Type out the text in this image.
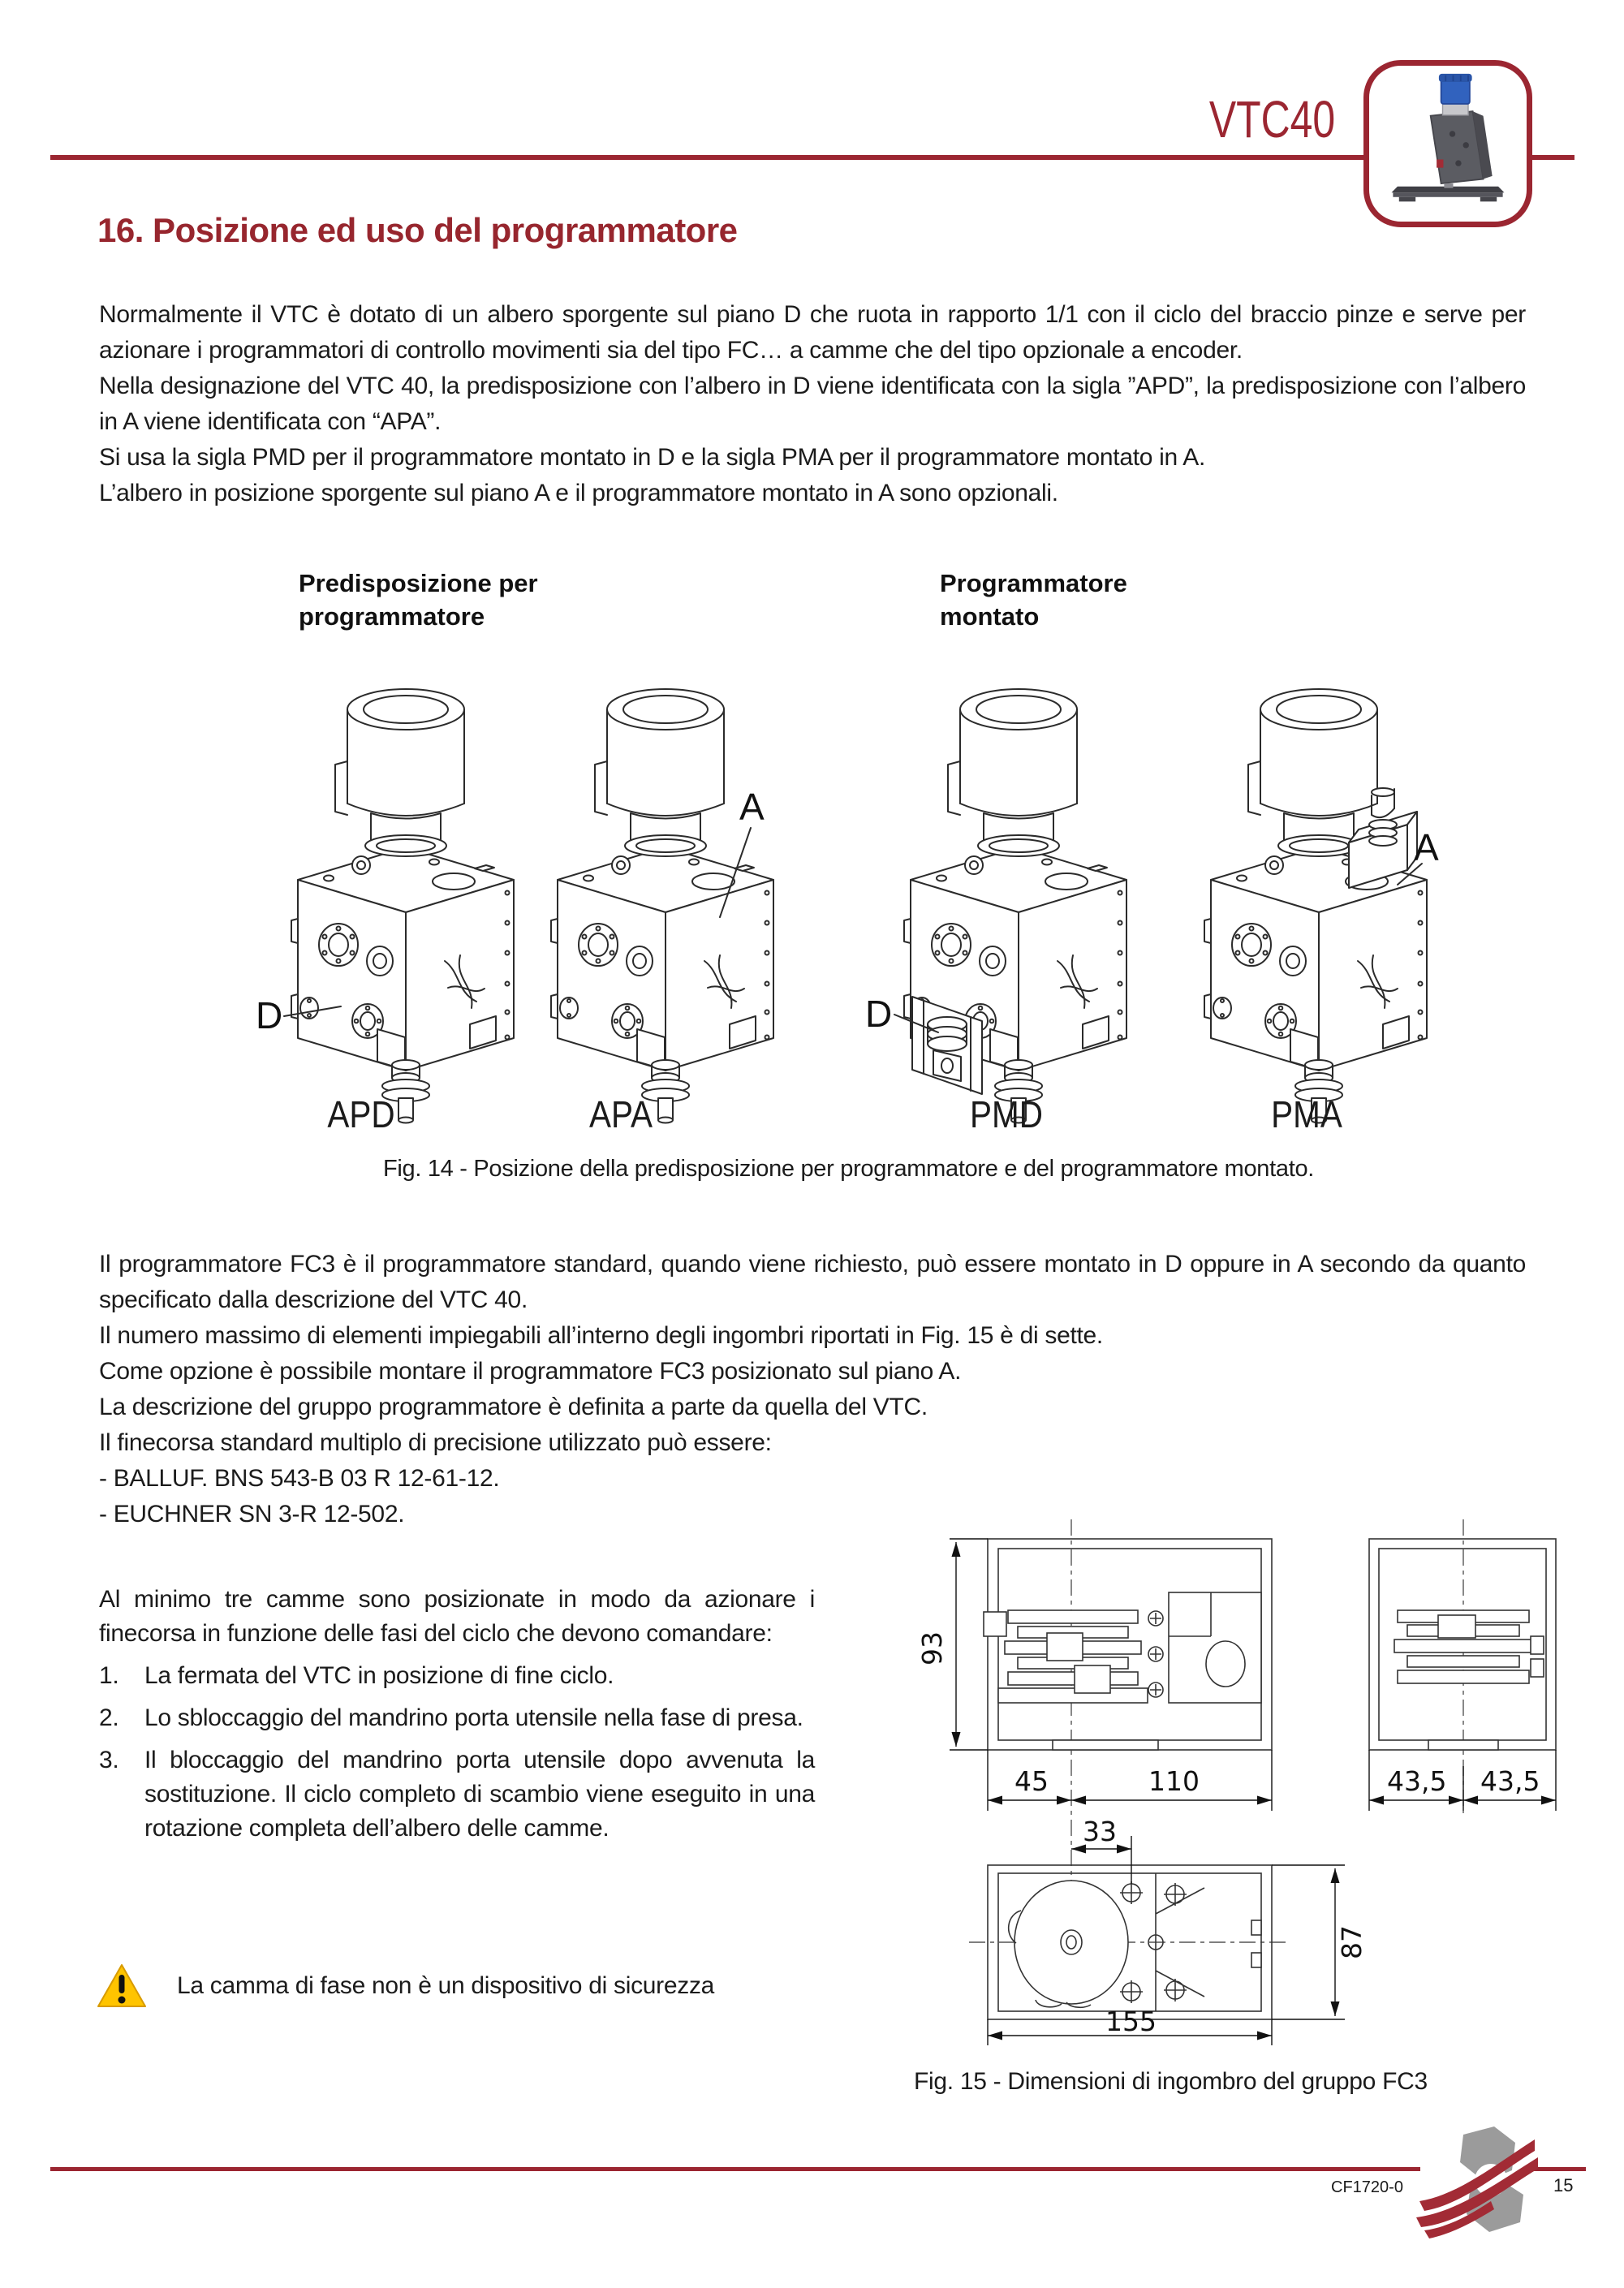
VTC40
16. Posizione ed uso del programmatore

Normalmente il VTC è dotato di un albero sporgente sul piano D che ruota in rapporto 1/1 con il ciclo del braccio pinze e serve per azionare i programmatori di controllo movimenti sia del tipo FC… a camme che del tipo opzionale a encoder.

Nella designazione del VTC 40, la predisposizione con l’albero in D viene identificata con la sigla ”APD”, la predisposizione con l’albero in A viene identificata con “APA”.

Si usa la sigla PMD per il programmatore montato in D e la sigla PMA per il programmatore montato in A.

L’albero in posizione sporgente sul piano A e il programmatore montato in A sono opzionali.

Predisposizione per
programmatore
Programmatore
montato
D
A
D
A
APD	APA	PMD	PMA
Fig. 14 - Posizione della predisposizione per programmatore e del programmatore montato.

Il programmatore FC3 è il programmatore standard, quando viene richiesto, può essere montato in D oppure in A secondo da quanto specificato dalla descrizione del VTC 40.

Il numero massimo di elementi impiegabili all’interno degli ingombri riportati in Fig. 15 è di sette.

Come opzione è possibile montare il programmatore FC3 posizionato sul piano A.

La descrizione del gruppo programmatore è definita a parte da quella del VTC.

Il finecorsa standard multiplo di precisione utilizzato può essere:

- BALLUF. BNS 543-B 03 R 12-61-12.

- EUCHNER SN 3-R 12-502.

Al minimo tre camme sono posizionate in modo da azionare i finecorsa in funzione delle fasi del ciclo che devono comandare:

1.	La fermata del VTC in posizione di fine ciclo.
2.	Lo sbloccaggio del mandrino porta utensile nella fase di presa.
3.	Il bloccaggio del mandrino porta utensile dopo avvenuta la sostituzione. Il ciclo completo di scambio viene eseguito in una rotazione completa dell’albero delle camme.
La camma di fase non è un dispositivo di sicurezza
93
45	110
33
43,5 43,5
87
155
Fig. 15 - Dimensioni di ingombro del gruppo FC3
CF1720-0	15
